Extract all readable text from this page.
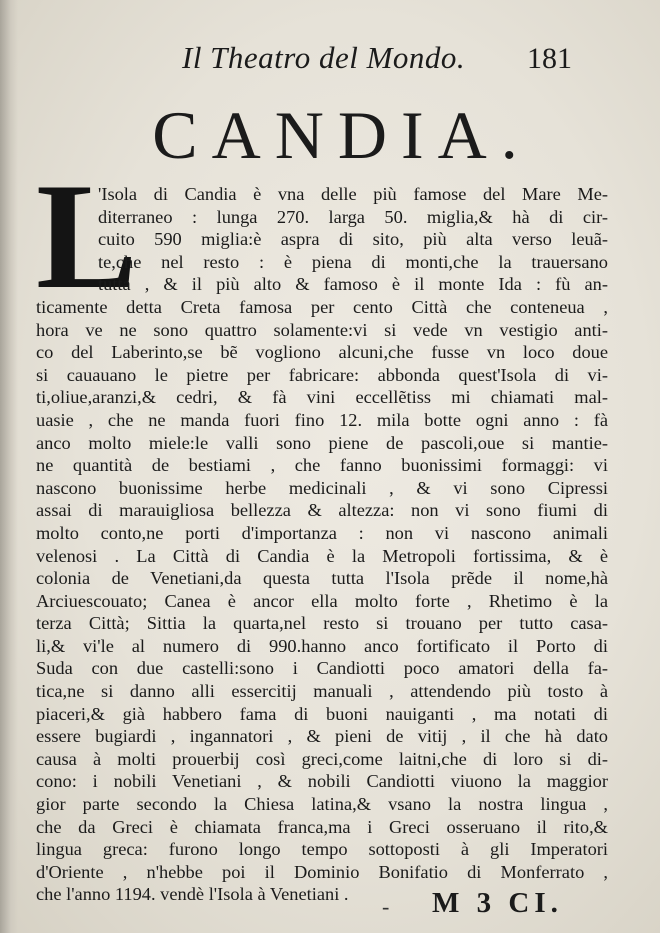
Il Theatro del Mondo. 181
CANDIA.
L
'Isola di Candia è vna delle più famose del Mare Me-
diterraneo : lunga 270. larga 50. miglia,& hà di cir-
cuito 590 miglia:è aspra di sito, più alta verso leuã-
te,che nel resto : è piena di monti,che la trauersano
tutta , & il più alto & famoso è il monte Ida : fù an-
ticamente detta Creta famosa per cento Città che conteneua ,
hora ve ne sono quattro solamente:vi si vede vn vestigio anti-
co del Laberinto,se bẽ vogliono alcuni,che fusse vn loco doue
si cauauano le pietre per fabricare: abbonda quest'Isola di vi-
ti,oliue,aranzi,& cedri, & fà vini eccellẽtiss mi chiamati mal-
uasie , che ne manda fuori fino 12. mila botte ogni anno : fà
anco molto miele:le valli sono piene de pascoli,oue si mantie-
ne quantità de bestiami , che fanno buonissimi formaggi: vi
nascono buonissime herbe medicinali , & vi sono Cipressi
assai di marauigliosa bellezza & altezza: non vi sono fiumi di
molto conto,ne porti d'importanza : non vi nascono animali
velenosi . La Città di Candia è la Metropoli fortissima, & è
colonia de Venetiani,da questa tutta l'Isola prẽde il nome,hà
Arciuescouato; Canea è ancor ella molto forte , Rhetimo è la
terza Città; Sittia la quarta,nel resto si trouano per tutto casa-
li,& vi'le al numero di 990.hanno anco fortificato il Porto di
Suda con due castelli:sono i Candiotti poco amatori della fa-
tica,ne si danno alli essercitij manuali , attendendo più tosto à
piaceri,& già habbero fama di buoni nauiganti , ma notati di
essere bugiardi , ingannatori , & pieni de vitij , il che hà dato
causa à molti prouerbij così greci,come laitni,che di loro si di-
cono: i nobili Venetiani , & nobili Candiotti viuono la maggior
gior parte secondo la Chiesa latina,& vsano la nostra lingua ,
che da Greci è chiamata franca,ma i Greci osseruano il rito,&
lingua greca: furono longo tempo sottoposti à gli Imperatori
d'Oriente , n'hebbe poi il Dominio Bonifatio di Monferrato ,
che l'anno 1194. vendè l'Isola à Venetiani .	- M 3 CI.
